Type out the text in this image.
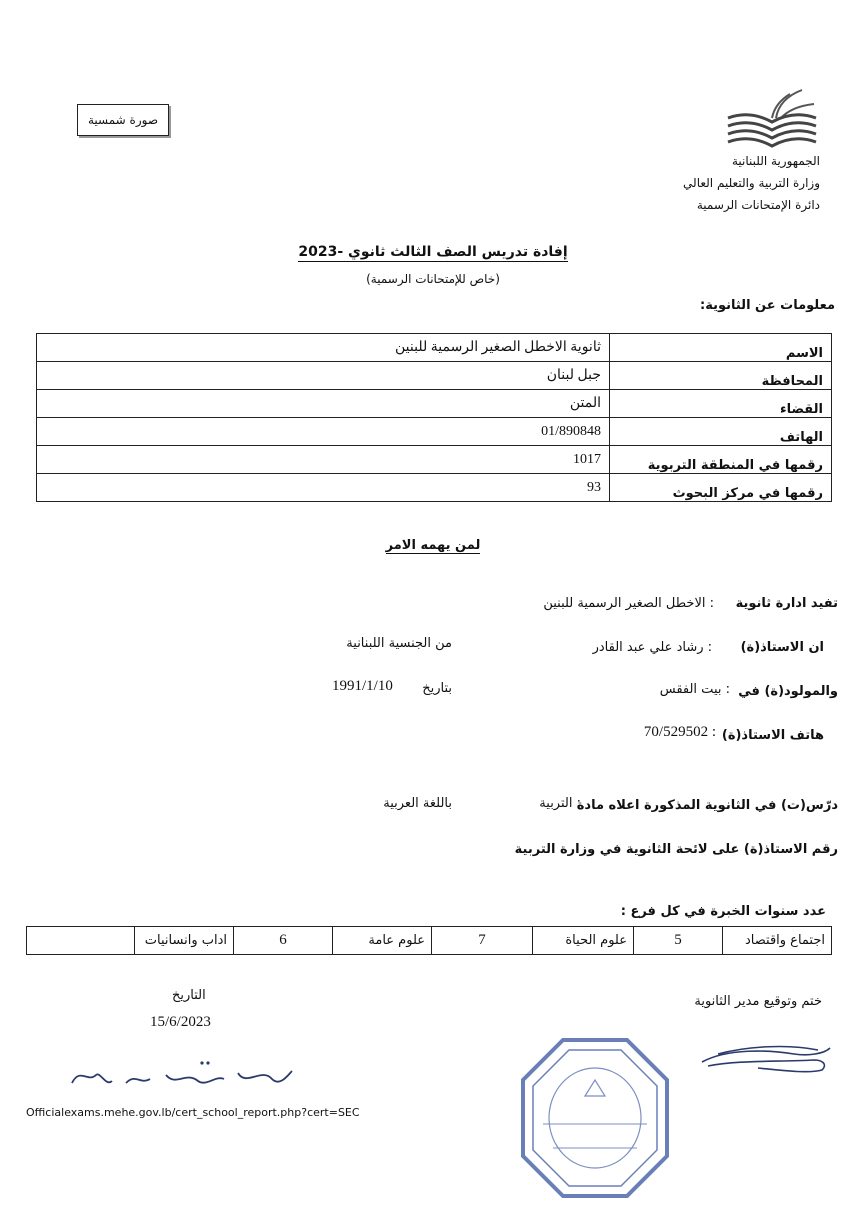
صورة شمسية
الجمهورية اللبنانية
وزارة التربية والتعليم العالي
دائرة الإمتحانات الرسمية
إفادة تدريس الصف الثالث ثانوي -2023
(خاص للإمتحانات الرسمية)
معلومات عن الثانوية:
الاسم	ثانوية الاخطل الصغير الرسمية للبنين
المحافظة	جبل لبنان
القضاء	المتن
الهاتف	01/890848
رقمها في المنطقة التربوية	1017
رقمها في مركز البحوث	93
لمن يهمه الامر
تفيد ادارة ثانوية
: الاخطل الصغير الرسمية للبنين
ان الاستاذ(ة)
: رشاد علي عبد القادر
من الجنسية اللبنانية
والمولود(ة) في
: بيت الفقس
بتاريخ
1991/1/10
هاتف الاستاذ(ة)
: 70/529502
درّس(ت) في الثانوية المذكورة اعلاه مادة
: التربية
باللغة العربية
رقم الاستاذ(ة) على لائحة الثانوية في وزارة التربية
عدد سنوات الخبرة في كل فرع :
اجتماع واقتصاد	5	علوم الحياة	7	علوم عامة	6	اداب وانسانيات	
ختم وتوقيع مدير الثانوية
التاريخ
15/6/2023
Officialexams.mehe.gov.lb/cert_school_report.php?cert=SEC
